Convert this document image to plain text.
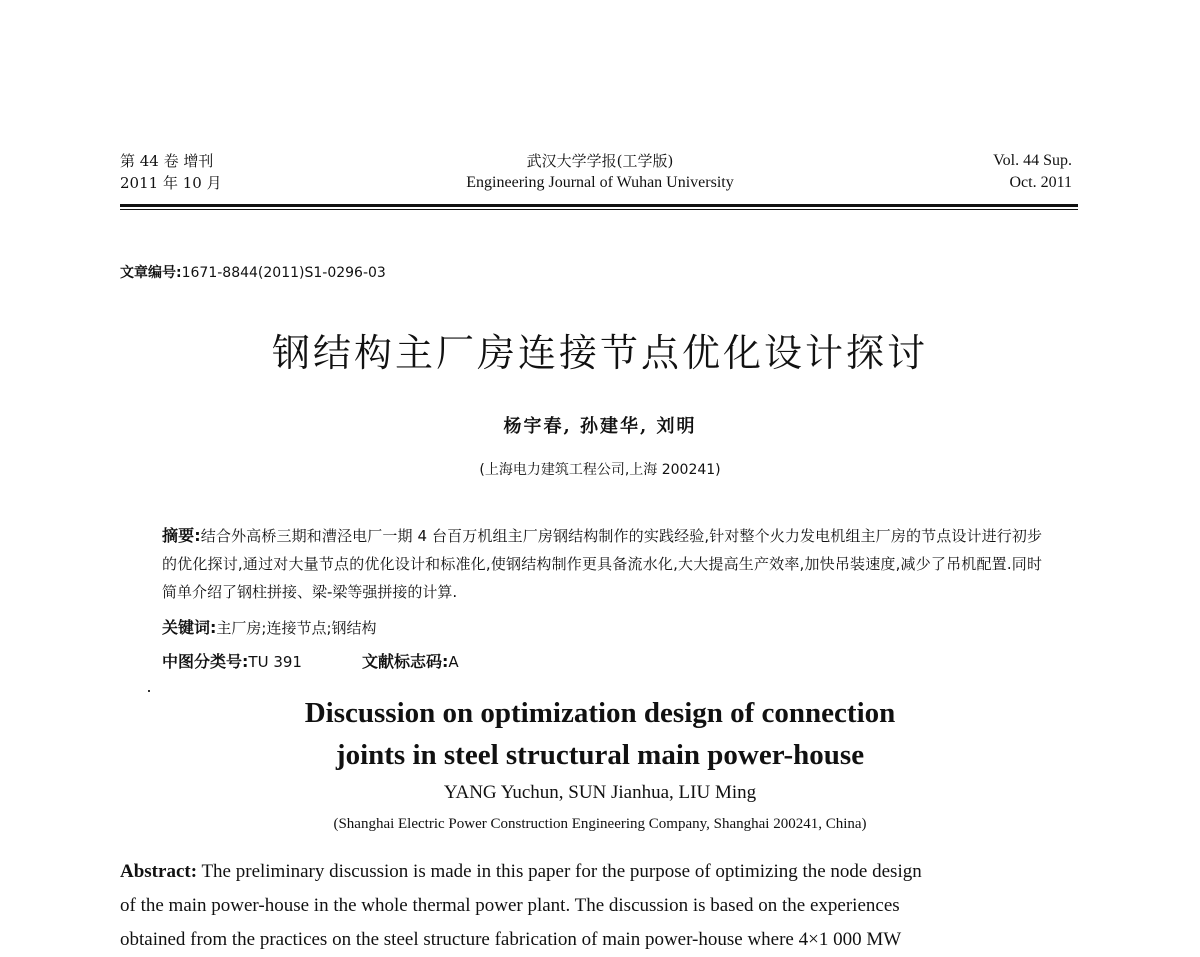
第 44 卷 增刊
2011 年 10 月
武汉大学学报(工学版)
Engineering Journal of Wuhan University
Vol. 44 Sup.
Oct. 2011
文章编号:1671-8844(2011)S1-0296-03
钢结构主厂房连接节点优化设计探讨
杨宇春, 孙建华, 刘明
(上海电力建筑工程公司,上海 200241)
摘要:结合外高桥三期和漕泾电厂一期 4 台百万机组主厂房钢结构制作的实践经验,针对整个火力发电机组主厂房的节点设计进行初步的优化探讨,通过对大量节点的优化设计和标准化,使钢结构制作更具备流水化,大大提高生产效率,加快吊装速度,减少了吊机配置.同时简单介绍了钢柱拼接、梁-梁等强拼接的计算.
关键词:主厂房;连接节点;钢结构
中图分类号:TU 391	文献标志码:A
Discussion on optimization design of connection
joints in steel structural main power-house
YANG Yuchun, SUN Jianhua, LIU Ming
(Shanghai Electric Power Construction Engineering Company, Shanghai 200241, China)
Abstract: The preliminary discussion is made in this paper for the purpose of optimizing the node design
of the main power-house in the whole thermal power plant. The discussion is based on the experiences
obtained from the practices on the steel structure fabrication of main power-house where 4×1 000 MW
